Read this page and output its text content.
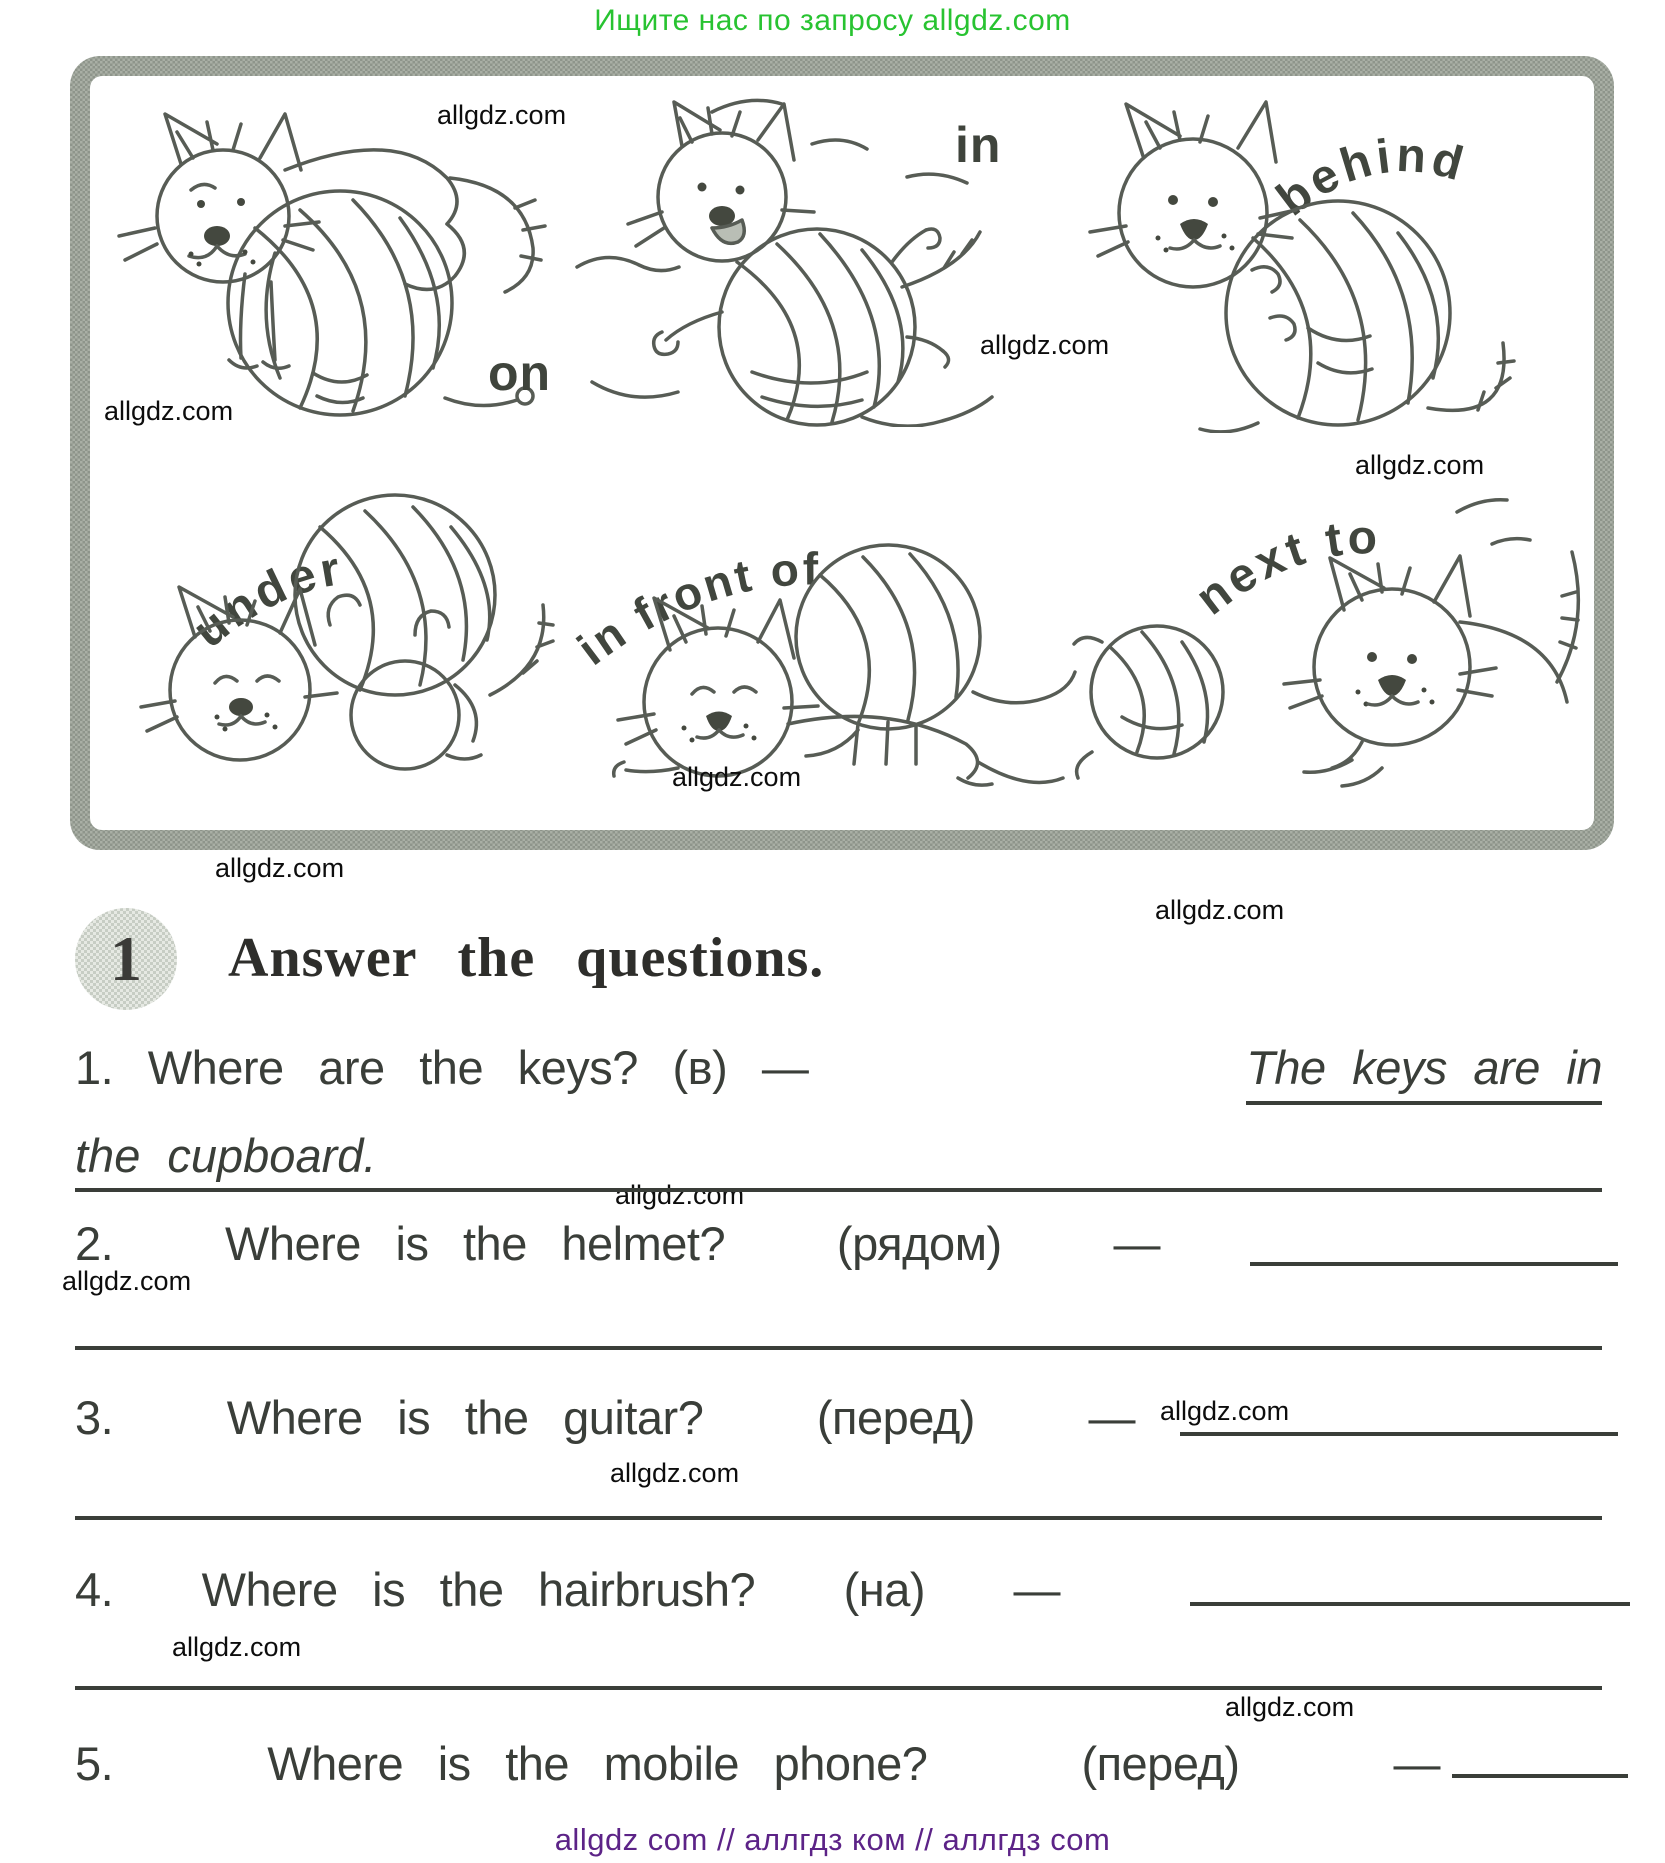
Ищите нас по запросу allgdz.com
on
in
behind
under
in front of	next to
allgdz.com
allgdz.com
allgdz.com
allgdz.com
allgdz.com
allgdz.com
allgdz.com
allgdz.com
allgdz.com
allgdz.com
allgdz.com
allgdz.com
allgdz.com
1 Answer the questions.
1. Where are the keys? (в) —	The keys are in
the cupboard.
2. Where is the helmet? (рядом) —
3. Where is the guitar? (перед) —
4. Where is the hairbrush? (на) —
5.	Where is the mobile phone?	(перед)	—
allgdz com // аллгдз ком // аллгдз com
